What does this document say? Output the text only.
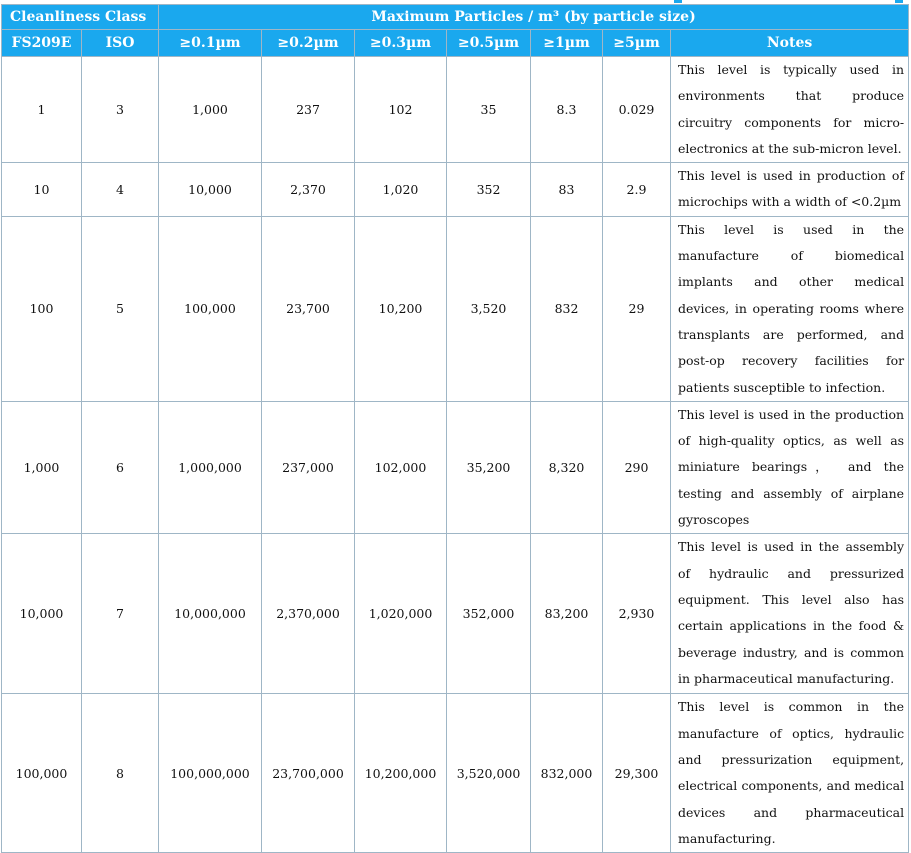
Cleanliness Class		Maximum Particles / m³ (by particle size)						
FS209E	ISO	≥0.1µm	≥0.2µm	≥0.3µm	≥0.5µm	≥1µm	≥5µm	Notes
1	3	1,000	237	102	35	8.3	0.029	This level is typically used in environments that produce circuitry components for micro-electronics at the sub-micron level.
10	4	10,000	2,370	1,020	352	83	2.9	This level is used in production of microchips with a width of <0.2µm
100	5	100,000	23,700	10,200	3,520	832	29	This level is used in the manufacture of biomedical implants and other medical devices, in operating rooms where transplants are performed, and post-op recovery facilities for patients susceptible to infection.
1,000	6	1,000,000	237,000	102,000	35,200	8,320	290	This level is used in the production of high-quality optics, as well as miniature bearings， and the testing and assembly of airplane gyroscopes
10,000	7	10,000,000	2,370,000	1,020,000	352,000	83,200	2,930	This level is used in the assembly of hydraulic and pressurized equipment. This level also has certain applications in the food & beverage industry, and is common in pharmaceutical manufacturing.
100,000	8	100,000,000	23,700,000	10,200,000	3,520,000	832,000	29,300	This level is common in the manufacture of optics, hydraulic and pressurization equipment, electrical components, and medical devices and pharmaceutical manufacturing.
